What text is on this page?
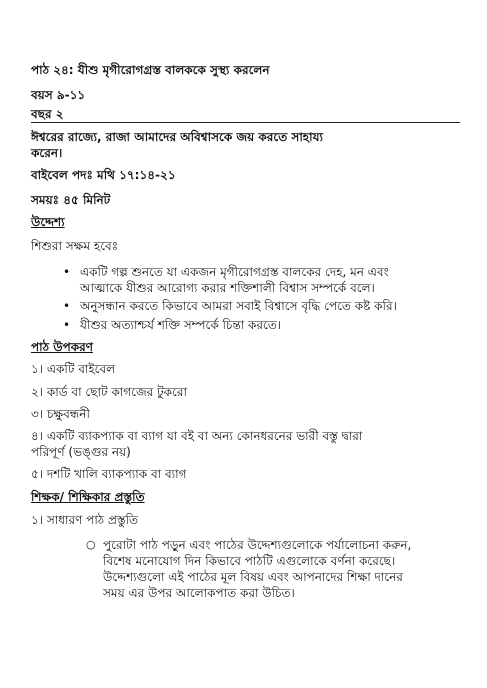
পাঠ ২৪: যীশু মৃগীরোগগ্রস্ত বালককে সুস্থ্য করলেন
বয়স ৯-১১
বছর ২
ঈশ্বরের রাজ্যে, রাজা আমাদের অবিশ্বাসকে জয় করতে সাহায্য
করেন।
বাইবেল পদঃ মথি ১৭:১৪-২১
সময়ঃ ৪৫ মিনিট
উদ্দেশ্য
শিশুরা সক্ষম হবেঃ
• একটি গল্প শুনতে যা একজন মৃগীরোগগ্রস্ত বালকের দেহ, মন এবং
আত্মাকে যীশুর আরোগ্য করার শক্তিশালী বিশ্বাস সম্পর্কে বলে।
• অনুসন্ধান করতে কিভাবে আমরা সবাই বিশ্বাসে বৃদ্ধি পেতে কষ্ট করি।
• যীশুর অত্যাশ্চর্য শক্তি সম্পর্কে চিন্তা করতে।
পাঠ উপকরণ
১। একটি বাইবেল
২। কার্ড বা ছোট কাগজের টুকরো
৩। চক্ষুবন্ধনী
৪। একটি ব্যাকপ্যাক বা ব্যাগ যা বই বা অন্য কোনধরনের ভারী বস্তু দ্বারা
পরিপূর্ণ (ভঙ্গুর নয়)
৫। দশটি খালি ব্যাকপ্যাক বা ব্যাগ
শিক্ষক/ শিক্ষিকার প্রস্তুতি
১। সাধারণ পাঠ প্রস্তুতি
○ পুরোটা পাঠ পড়ুন এবং পাঠের উদ্দেশ্যগুলোকে পর্যালোচনা করুন,
বিশেষ মনোযোগ দিন কিভাবে পাঠটি এগুলোকে বর্ণনা করেছে।
উদ্দেশ্যগুলো এই পাঠের মূল বিষয় এবং আপনাদের শিক্ষা দানের
সময় এর উপর আলোকপাত করা উচিত।
